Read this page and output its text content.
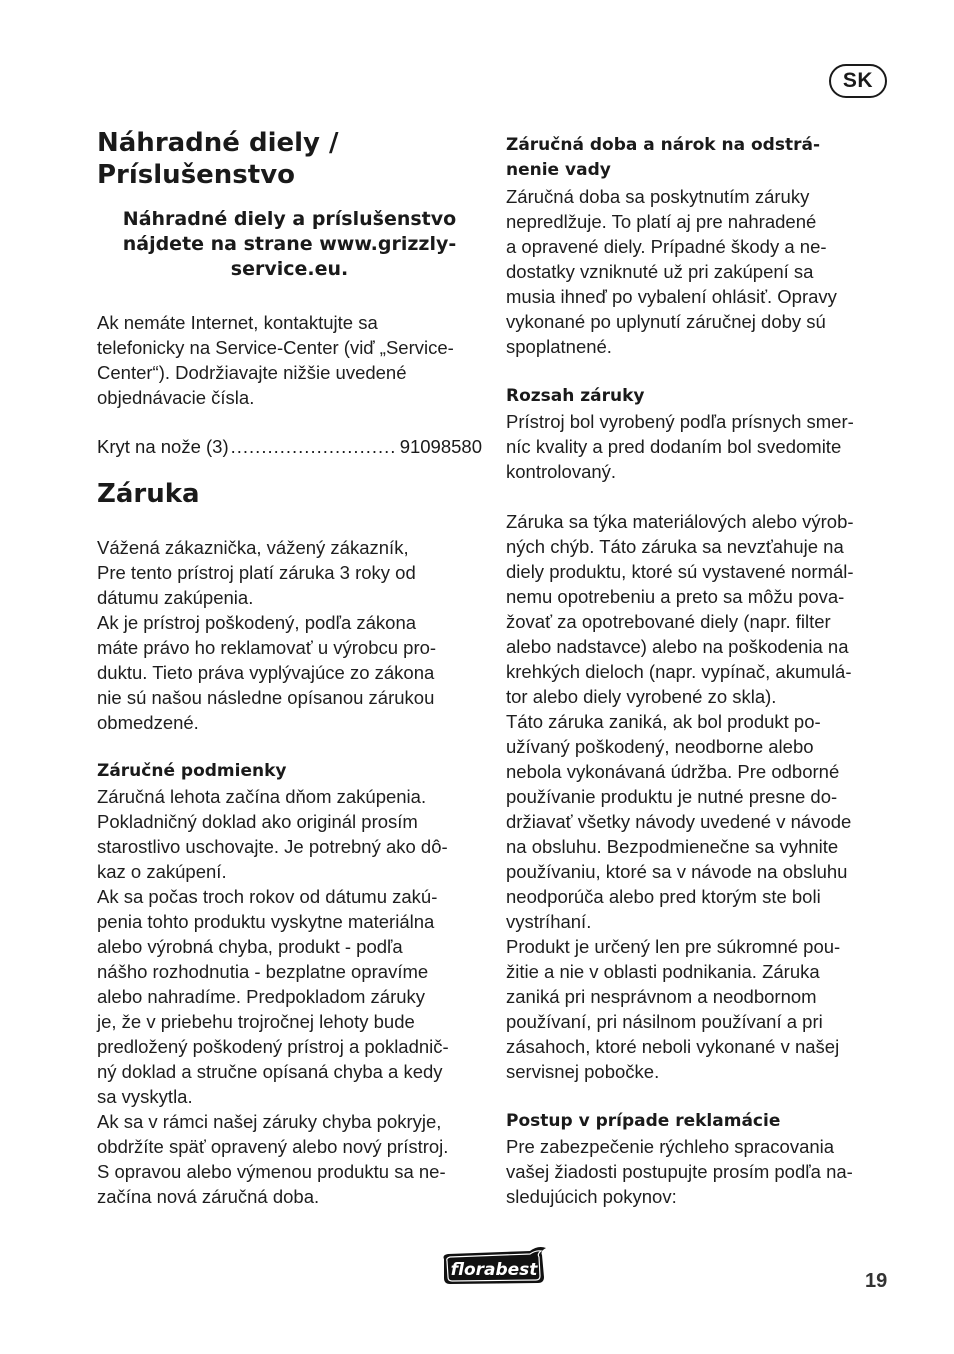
SK
Náhradné diely /
Príslušenstvo

Náhradné diely a príslušenstvo
nájdete na strane www.grizzly-
service.eu.

Ak nemáte Internet, kontaktujte sa
telefonicky na Service-Center (viď „Service-
Center“). Dodržiavajte nižšie uvedené
objednávacie čísla.

Kryt na nože (3)
.....	91098580
Záruka

Vážená zákaznička, vážený zákazník,
Pre tento prístroj platí záruka 3 roky od
dátumu zakúpenia.
Ak je prístroj poškodený, podľa zákona
máte právo ho reklamovať u výrobcu pro-
duktu. Tieto práva vyplývajúce zo zákona
nie sú našou následne opísanou zárukou
obmedzené.

Záručné podmienky

Záručná lehota začína dňom zakúpenia.
Pokladničný doklad ako originál prosím
starostlivo uschovajte. Je potrebný ako dô-
kaz o zakúpení.
Ak sa počas troch rokov od dátumu zakú-
penia tohto produktu vyskytne materiálna
alebo výrobná chyba, produkt - podľa
nášho rozhodnutia - bezplatne opravíme
alebo nahradíme. Predpokladom záruky
je, že v priebehu trojročnej lehoty bude
predložený poškodený prístroj a pokladnič-
ný doklad a stručne opísaná chyba a kedy
sa vyskytla.
Ak sa v rámci našej záruky chyba pokryje,
obdržíte späť opravený alebo nový prístroj.
S opravou alebo výmenou produktu sa ne-
začína nová záručná doba.

Záručná doba a nárok na odstrá-
nenie vady

Záručná doba sa poskytnutím záruky
nepredlžuje. To platí aj pre nahradené
a opravené diely. Prípadné škody a ne-
dostatky vzniknuté už pri zakúpení sa
musia ihneď po vybalení ohlásiť. Opravy
vykonané po uplynutí záručnej doby sú
spoplatnené.

Rozsah záruky

Prístroj bol vyrobený podľa prísnych smer-
níc kvality a pred dodaním bol svedomite
kontrolovaný.

Záruka sa týka materiálových alebo výrob-
ných chýb. Táto záruka sa nevzťahuje na
diely produktu, ktoré sú vystavené normál-
nemu opotrebeniu a preto sa môžu pova-
žovať za opotrebované diely (napr. filter
alebo nadstavce) alebo na poškodenia na
krehkých dieloch (napr. vypínač, akumulá-
tor alebo diely vyrobené zo skla).
Táto záruka zaniká, ak bol produkt po-
užívaný poškodený, neodborne alebo
nebola vykonávaná údržba. Pre odborné
používanie produktu je nutné presne do-
držiavať všetky návody uvedené v návode
na obsluhu. Bezpodmienečne sa vyhnite
používaniu, ktoré sa v návode na obsluhu
neodporúča alebo pred ktorým ste boli
vystríhaní.
Produkt je určený len pre súkromné pou-
žitie a nie v oblasti podnikania. Záruka
zaniká pri nesprávnom a neodbornom
používaní, pri násilnom používaní a pri
zásahoch, ktoré neboli vykonané v našej
servisnej pobočke.

Postup v prípade reklamácie

Pre zabezpečenie rýchleho spracovania
vašej žiadosti postupujte prosím podľa na-
sledujúcich pokynov:

florabest	19
